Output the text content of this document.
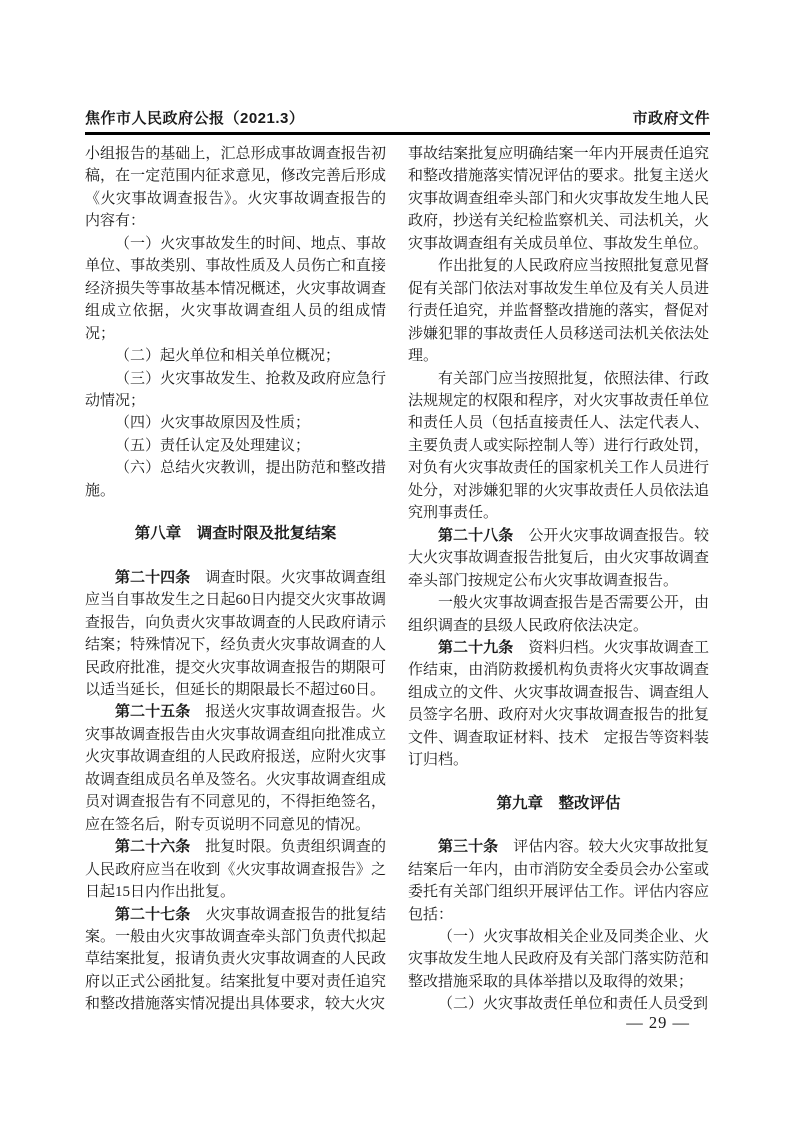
焦作市人民政府公报（2021.3）	市政府文件

小组报告的基础上，汇总形成事故调查报告初稿，在一定范围内征求意见，修改完善后形成《火灾事故调查报告》。火灾事故调查报告的内容有：

（一）火灾事故发生的时间、地点、事故单位、事故类别、事故性质及人员伤亡和直接经济损失等事故基本情况概述，火灾事故调查组成立依据，火灾事故调查组人员的组成情况；

（二）起火单位和相关单位概况；

（三）火灾事故发生、抢救及政府应急行动情况；

（四）火灾事故原因及性质；

（五）责任认定及处理建议；

（六）总结火灾教训，提出防范和整改措施。

第八章　调查时限及批复结案

第二十四条　调查时限。火灾事故调查组应当自事故发生之日起60日内提交火灾事故调查报告，向负责火灾事故调查的人民政府请示结案；特殊情况下，经负责火灾事故调查的人民政府批准，提交火灾事故调查报告的期限可以适当延长，但延长的期限最长不超过60日。

第二十五条　报送火灾事故调查报告。火灾事故调查报告由火灾事故调查组向批准成立火灾事故调查组的人民政府报送，应附火灾事故调查组成员名单及签名。火灾事故调查组成员对调查报告有不同意见的，不得拒绝签名，应在签名后，附专页说明不同意见的情况。

第二十六条　批复时限。负责组织调查的人民政府应当在收到《火灾事故调查报告》之日起15日内作出批复。

第二十七条　火灾事故调查报告的批复结案。一般由火灾事故调查牵头部门负责代拟起草结案批复，报请负责火灾事故调查的人民政府以正式公函批复。结案批复中要对责任追究和整改措施落实情况提出具体要求，较大火灾

事故结案批复应明确结案一年内开展责任追究和整改措施落实情况评估的要求。批复主送火灾事故调查组牵头部门和火灾事故发生地人民政府，抄送有关纪检监察机关、司法机关，火灾事故调查组有关成员单位、事故发生单位。

作出批复的人民政府应当按照批复意见督促有关部门依法对事故发生单位及有关人员进行责任追究，并监督整改措施的落实，督促对涉嫌犯罪的事故责任人员移送司法机关依法处理。

有关部门应当按照批复，依照法律、行政法规规定的权限和程序，对火灾事故责任单位和责任人员（包括直接责任人、法定代表人、主要负责人或实际控制人等）进行行政处罚，对负有火灾事故责任的国家机关工作人员进行处分，对涉嫌犯罪的火灾事故责任人员依法追究刑事责任。

第二十八条　公开火灾事故调查报告。较大火灾事故调查报告批复后，由火灾事故调查牵头部门按规定公布火灾事故调查报告。

一般火灾事故调查报告是否需要公开，由组织调查的县级人民政府依法决定。

第二十九条　资料归档。火灾事故调查工作结束，由消防救援机构负责将火灾事故调查组成立的文件、火灾事故调查报告、调查组人员签字名册、政府对火灾事故调查报告的批复文件、调查取证材料、技术　定报告等资料装订归档。

第九章　整改评估

第三十条　评估内容。较大火灾事故批复结案后一年内，由市消防安全委员会办公室或委托有关部门组织开展评估工作。评估内容应包括：

（一）火灾事故相关企业及同类企业、火灾事故发生地人民政府及有关部门落实防范和整改措施采取的具体举措以及取得的效果；

（二）火灾事故责任单位和责任人员受到

— 29 —
